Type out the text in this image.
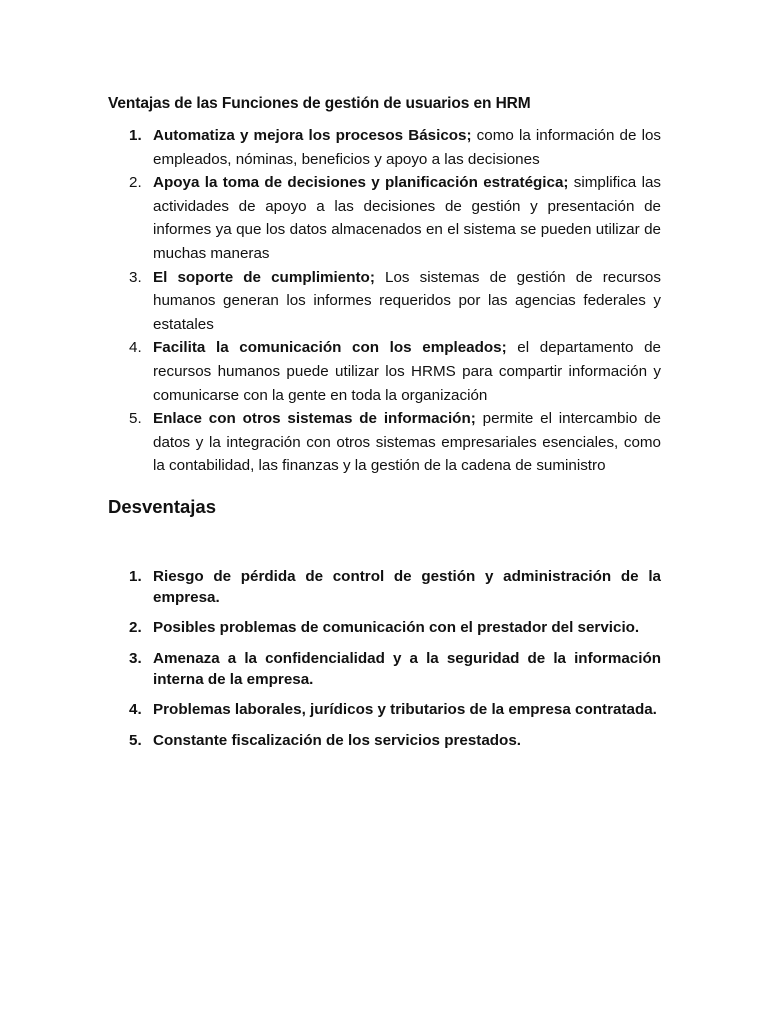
Ventajas de las Funciones de gestión de usuarios en HRM
1. Automatiza y mejora los procesos Básicos; como la información de los empleados, nóminas, beneficios y apoyo a las decisiones
2. Apoya la toma de decisiones y planificación estratégica; simplifica las actividades de apoyo a las decisiones de gestión y presentación de informes ya que los datos almacenados en el sistema se pueden utilizar de muchas maneras
3. El soporte de cumplimiento; Los sistemas de gestión de recursos humanos generan los informes requeridos por las agencias federales y estatales
4. Facilita la comunicación con los empleados; el departamento de recursos humanos puede utilizar los HRMS para compartir información y comunicarse con la gente en toda la organización
5. Enlace con otros sistemas de información; permite el intercambio de datos y la integración con otros sistemas empresariales esenciales, como la contabilidad, las finanzas y la gestión de la cadena de suministro
Desventajas
1. Riesgo de pérdida de control de gestión y administración de la empresa.
2. Posibles problemas de comunicación con el prestador del servicio.
3. Amenaza a la confidencialidad y a la seguridad de la información interna de la empresa.
4. Problemas laborales, jurídicos y tributarios de la empresa contratada.
5. Constante fiscalización de los servicios prestados.
